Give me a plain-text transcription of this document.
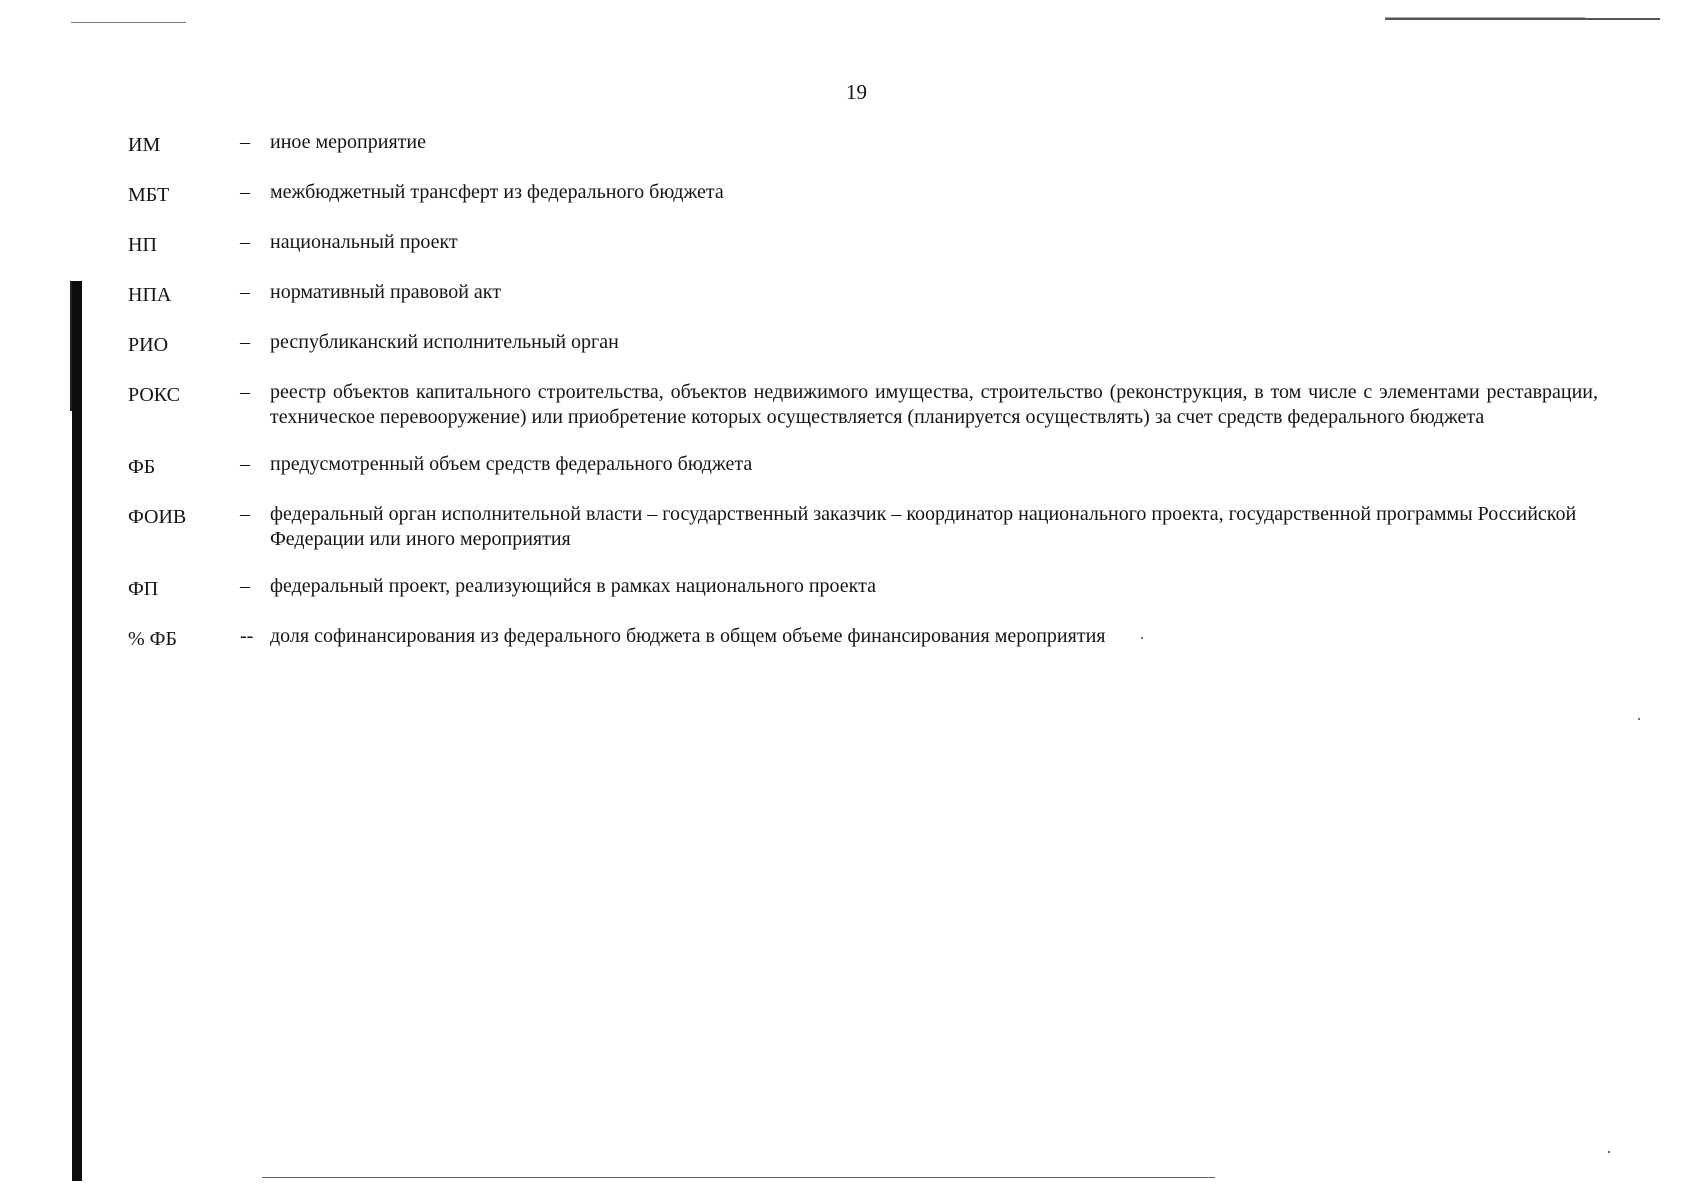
19
ИМ	–	иное мероприятие
МБТ	–	межбюджетный трансферт из федерального бюджета
НП	–	национальный проект
НПА	–	нормативный правовой акт
РИО	–	республиканский исполнительный орган
РОКС	–	реестр объектов капитального строительства, объектов недвижимого имущества, строительство (реконструкция, в том числе с элементами реставрации, техническое перевооружение) или приобретение которых осуществляется (планируется осуществлять) за счет средств федерального бюджета
ФБ	–	предусмотренный объем средств федерального бюджета
ФОИВ	–	федеральный орган исполнительной власти – государственный заказчик – координатор национального проекта, государственной программы Российской Федерации или иного мероприятия
ФП	–	федеральный проект, реализующийся в рамках национального проекта
% ФБ	-- доля софинансирования из федерального бюджета в общем объеме финансирования мероприятия
